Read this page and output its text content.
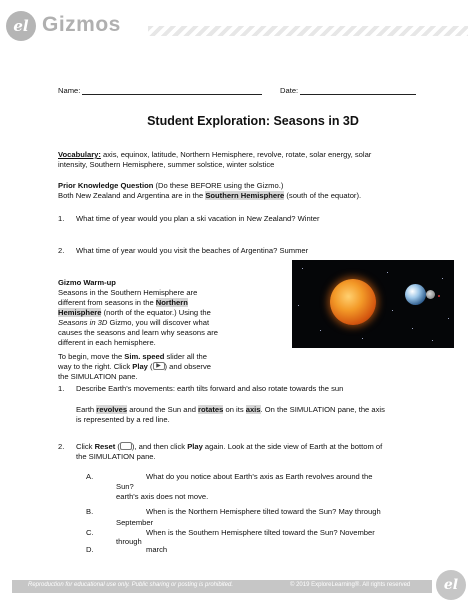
el Gizmos
Name:	Date:
Student Exploration: Seasons in 3D
Vocabulary: axis, equinox, latitude, Northern Hemisphere, revolve, rotate, solar energy, solar
intensity, Southern Hemisphere, summer solstice, winter solstice
Prior Knowledge Question (Do these BEFORE using the Gizmo.)
Both New Zealand and Argentina are in the Southern Hemisphere (south of the equator).
1. What time of year would you plan a ski vacation in New Zealand? Winter
2. What time of year would you visit the beaches of Argentina? Summer
Gizmo Warm-up
Seasons in the Southern Hemisphere are
different from seasons in the Northern
Hemisphere (north of the equator.) Using the
Seasons in 3D Gizmo, you will discover what
causes the seasons and learn why seasons are
different in each hemisphere.
To begin, move the Sim. speed slider all the
way to the right. Click Play ( ▶ ) and observe
the SIMULATION pane.
1. Describe Earth's movements: earth tilts forward and also rotate towards the sun
Earth revolves around the Sun and rotates on its axis. On the SIMULATION pane, the axis
is represented by a red line.
2. Click Reset ( ), and then click Play again. Look at the side view of Earth at the bottom of
the SIMULATION pane.
A.	What do you notice about Earth's axis as Earth revolves around the
Sun?
earth's axis does not move.
B.	When is the Northern Hemisphere tilted toward the Sun? May through
September
C.	When is the Southern Hemisphere tilted toward the Sun? November
through
D.	march
Reproduction for educational use only. Public sharing or posting is prohibited.	© 2019 ExploreLearning®. All rights reserved el
